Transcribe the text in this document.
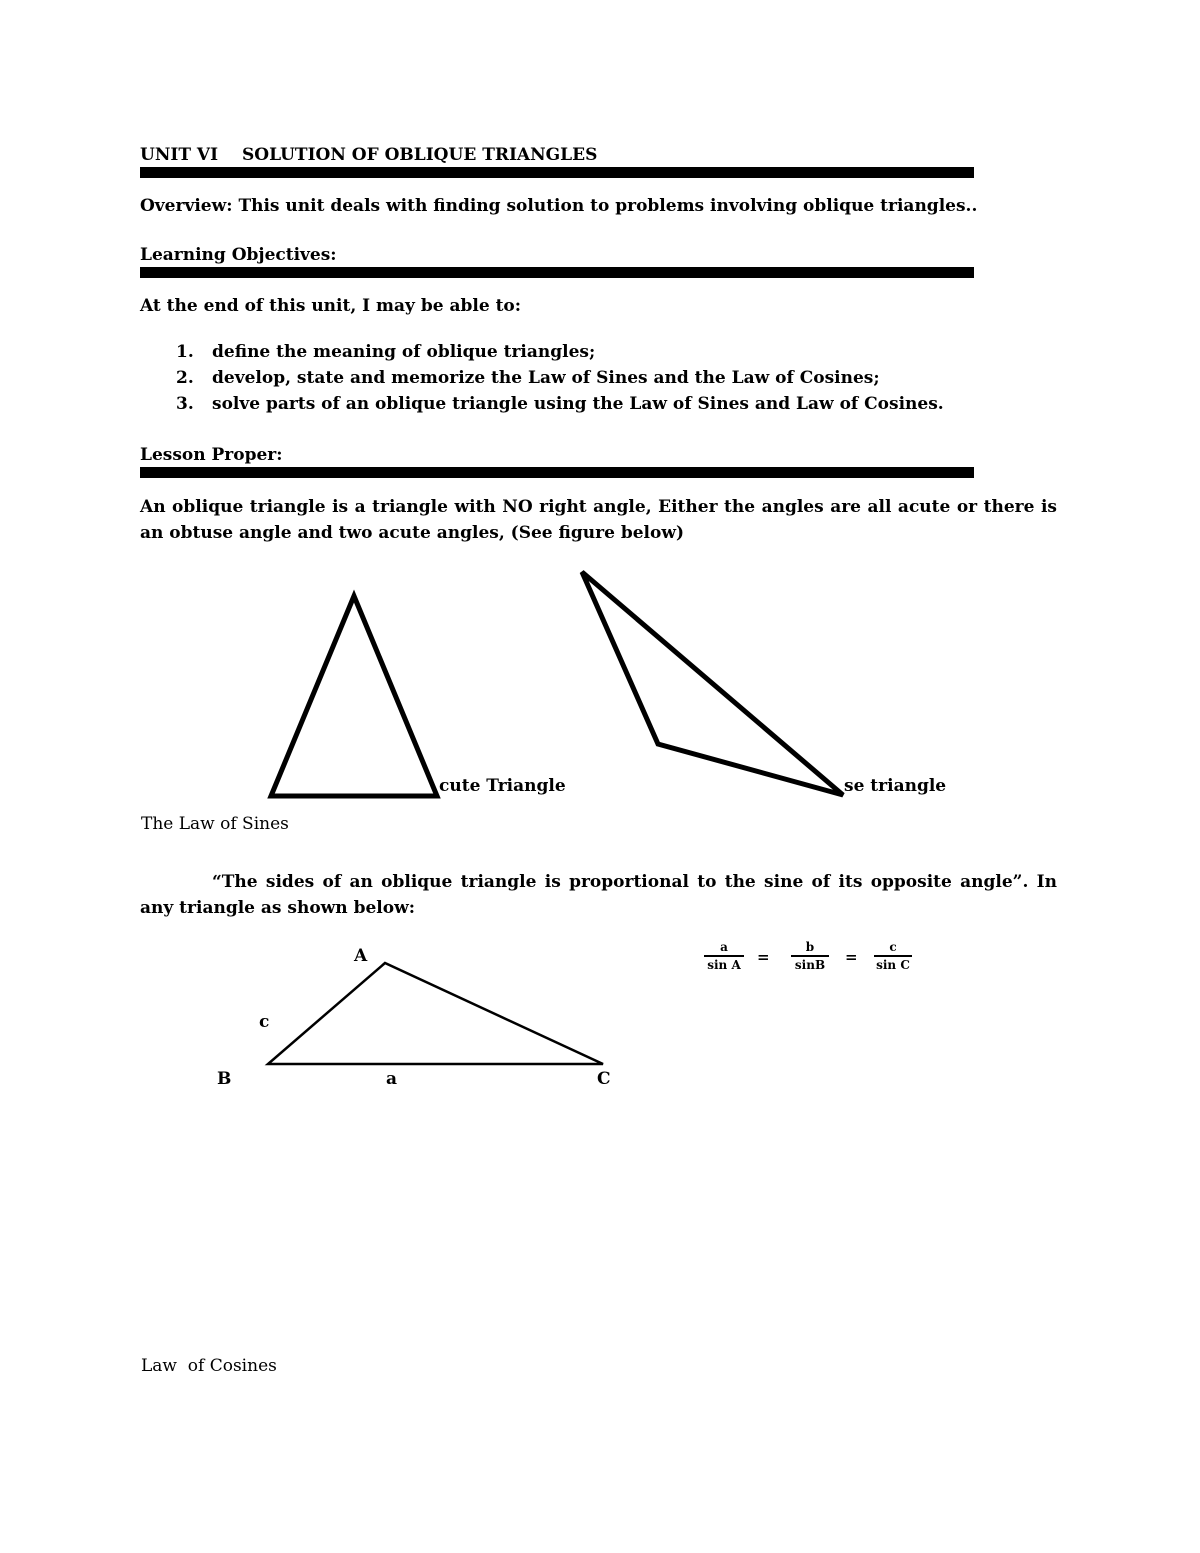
UNIT VI SOLUTION OF OBLIQUE TRIANGLES
Overview: This unit deals with finding solution to problems involving oblique triangles..
Learning Objectives:
At the end of this unit, I may be able to:
1.	define the meaning of oblique triangles;
2.	develop, state and memorize the Law of Sines and the Law of Cosines;
3.	solve parts of an oblique triangle using the Law of Sines and Law of Cosines.
Lesson Proper:
An oblique triangle is a triangle with NO right angle, Either the angles are all acute or there is an obtuse angle and two acute angles, (See figure below)
cute Triangle	se triangle
The Law of Sines
“The sides of an oblique triangle is proportional to the sine of its opposite angle”. In any triangle as shown below:
A
c
B	a	C
a
sin A =
b
sinB =
c
sin C
Law  of Cosines
